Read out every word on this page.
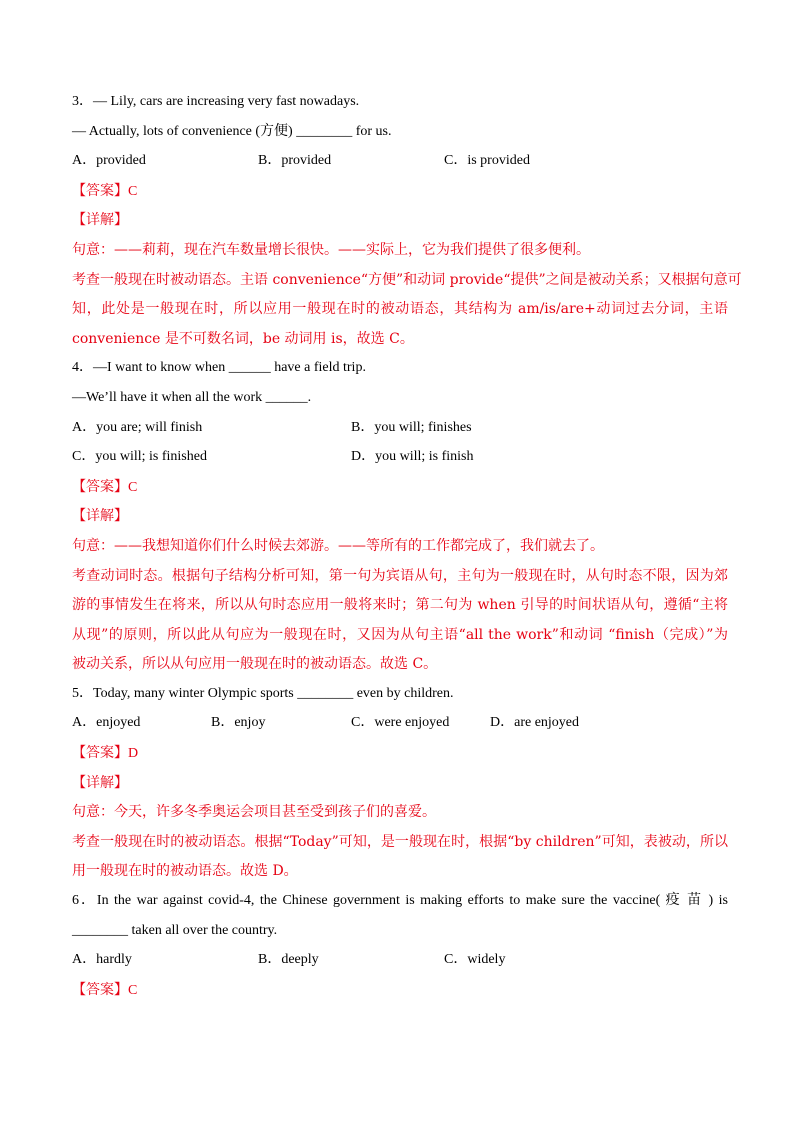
3．— Lily, cars are increasing very fast nowadays.
— Actually, lots of convenience (方便) ________ for us.
A．provided	B．provided	C．is provided
【答案】C
【详解】
句意：——莉莉，现在汽车数量增长很快。——实际上，它为我们提供了很多便利。
考查一般现在时被动语态。主语 convenience“方便”和动词 provide“提供”之间是被动关系；又根据句意可
知，此处是一般现在时，所以应用一般现在时的被动语态，其结构为 am/is/are+动词过去分词，主语
convenience 是不可数名词，be 动词用 is，故选 C。
4．—I want to know when ______ have a field trip.
—We’ll have it when all the work ______.
A．you are; will finish	B．you will; finishes
C．you will; is finished	D．you will; is finish
【答案】C
【详解】
句意：——我想知道你们什么时候去郊游。——等所有的工作都完成了，我们就去了。
考查动词时态。根据句子结构分析可知，第一句为宾语从句，主句为一般现在时，从句时态不限，因为郊
游的事情发生在将来，所以从句时态应用一般将来时；第二句为 when 引导的时间状语从句，遵循“主将
从现”的原则，所以此从句应为一般现在时，又因为从句主语“all the work”和动词 “finish（完成）”为
被动关系，所以从句应用一般现在时的被动语态。故选 C。
5．Today, many winter Olympic sports ________ even by children.
A．enjoyed	B．enjoy	C．were enjoyed	D．are enjoyed
【答案】D
【详解】
句意：今天，许多冬季奥运会项目甚至受到孩子们的喜爱。
考查一般现在时的被动语态。根据“Today”可知，是一般现在时，根据“by children”可知，表被动，所以
用一般现在时的被动语态。故选 D。
6．In the war against covid-4, the Chinese government is making efforts to make sure the vaccine( 疫 苗 ) is
________ taken all over the country.
A．hardly	B．deeply	C．widely
【答案】C
